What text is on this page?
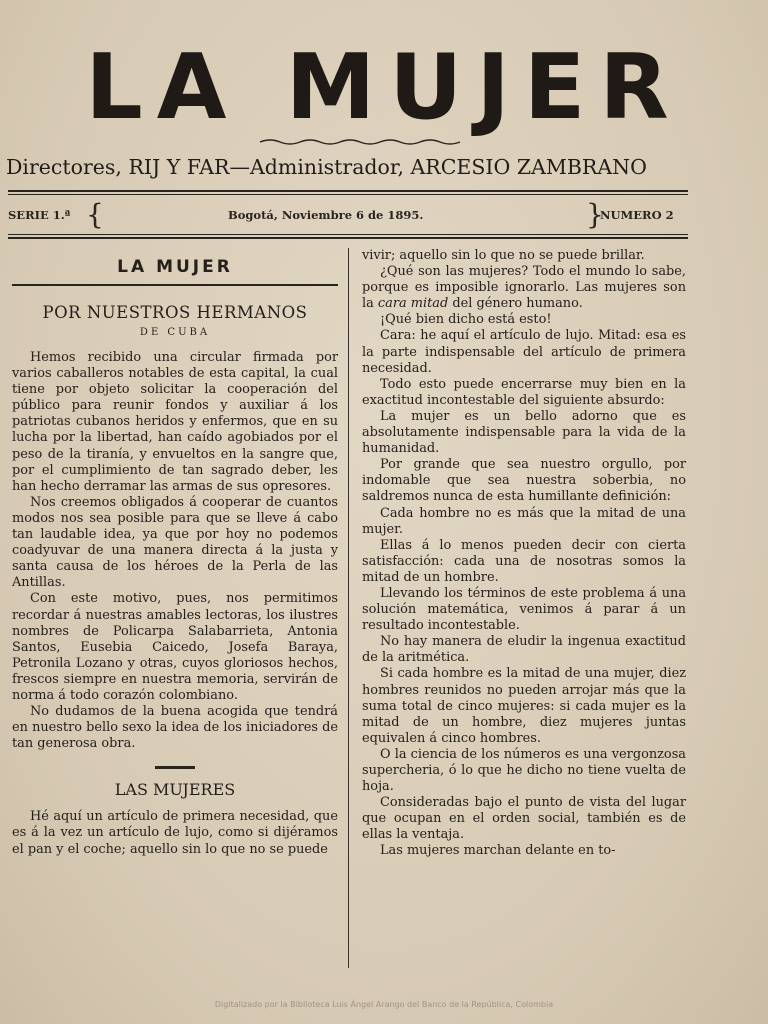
LA MUJER
Directores, RIJ Y FAR—Administrador, ARCESIO ZAMBRANO
SERIE 1.ª {	Bogotá, Noviembre 6 de 1895.	}
NUMERO 2
LA MUJER
POR NUESTROS HERMANOS
DE CUBA

Hemos recibido una circular firmada por varios caballeros notables de esta capital, la cual tiene por objeto solicitar la cooperación del público para reunir fondos y auxiliar á los patriotas cubanos heridos y enfermos, que en su lucha por la libertad, han caído agobiados por el peso de la tiranía, y envueltos en la sangre que, por el cumplimiento de tan sagrado deber, les han hecho derramar las armas de sus opresores.

Nos creemos obligados á cooperar de cuantos modos nos sea posible para que se lleve á cabo tan laudable idea, ya que por hoy no podemos coadyuvar de una manera directa á la justa y santa causa de los héroes de la Perla de las Antillas.

Con este motivo, pues, nos permitimos recordar á nuestras amables lectoras, los ilustres nombres de Policarpa Salabarrieta, Antonia Santos, Eusebia Caicedo, Josefa Baraya, Petronila Lozano y otras, cuyos gloriosos hechos, frescos siempre en nuestra memoria, servirán de norma á todo corazón colombiano.

No dudamos de la buena acogida que tendrá en nuestro bello sexo la idea de los iniciadores de tan generosa obra.

LAS MUJERES

Hé aquí un artículo de primera necesidad, que es á la vez un artículo de lujo, como si dijéramos el pan y el coche; aquello sin lo que no se puede

vivir; aquello sin lo que no se puede brillar.

¿Qué son las mujeres? Todo el mundo lo sabe, porque es imposible ignorarlo. Las mujeres son la cara mitad del género humano.

¡Qué bien dicho está esto!

Cara: he aquí el artículo de lujo. Mitad: esa es la parte indispensable del artículo de primera necesidad.

Todo esto puede encerrarse muy bien en la exactitud incontestable del siguiente absurdo:

La mujer es un bello adorno que es absolutamente indispensable para la vida de la humanidad.

Por grande que sea nuestro orgullo, por indomable que sea nuestra soberbia, no saldremos nunca de esta humillante definición:

Cada hombre no es más que la mitad de una mujer.

Ellas á lo menos pueden decir con cierta satisfacción: cada una de nosotras somos la mitad de un hombre.

Llevando los términos de este problema á una solución matemática, venimos á parar á un resultado incontestable.

No hay manera de eludir la ingenua exactitud de la aritmética.

Si cada hombre es la mitad de una mujer, diez hombres reunidos no pueden arrojar más que la suma total de cinco mujeres: si cada mujer es la mitad de un hombre, diez mujeres juntas equivalen á cinco hombres.

O la ciencia de los números es una vergonzosa supercheria, ó lo que he dicho no tiene vuelta de hoja.

Consideradas bajo el punto de vista del lugar que ocupan en el orden social, también es de ellas la ventaja.

Las mujeres marchan delante en to-

Digitalizado por la Biblioteca Luis Ángel Arango del Banco de la República, Colombia
